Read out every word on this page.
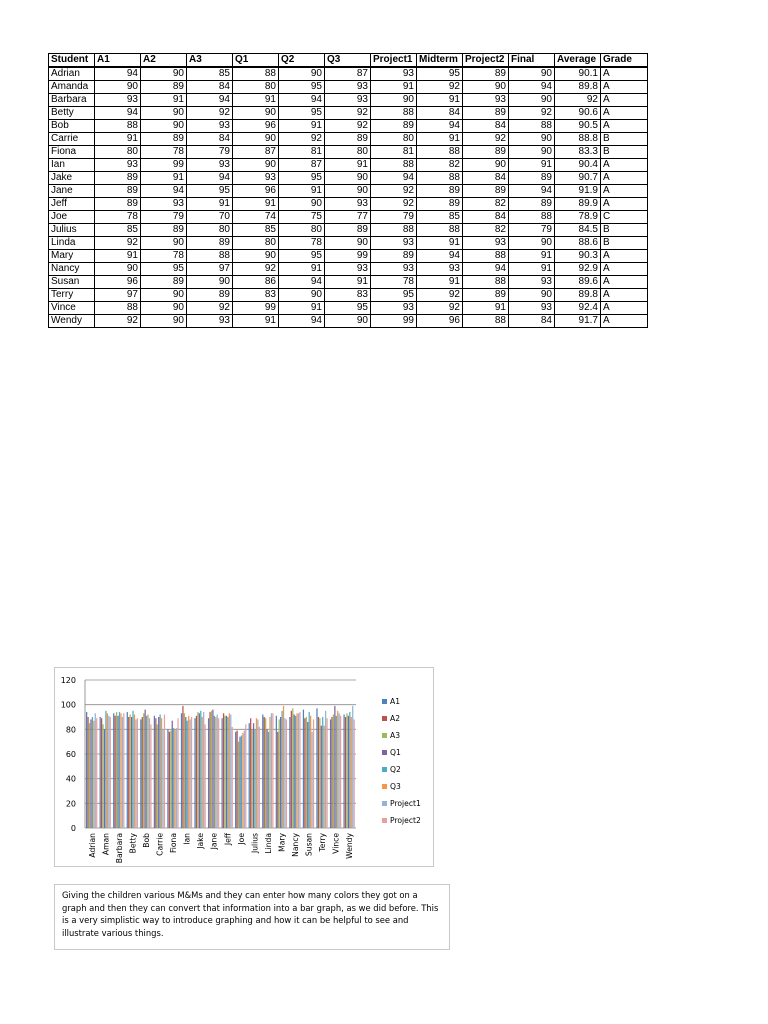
Student	A1	A2	A3	Q1	Q2	Q3	Project1	Midterm	Project2	Final	Average	Grade
Adrian	94	90	85	88	90	87	93	95	89	90	90.1	A
Amanda	90	89	84	80	95	93	91	92	90	94	89.8	A
Barbara	93	91	94	91	94	93	90	91	93	90	92	A
Betty	94	90	92	90	95	92	88	84	89	92	90.6	A
Bob	88	90	93	96	91	92	89	94	84	88	90.5	A
Carrie	91	89	84	90	92	89	80	91	92	90	88.8	B
Fiona	80	78	79	87	81	80	81	88	89	90	83.3	B
Ian	93	99	93	90	87	91	88	82	90	91	90.4	A
Jake	89	91	94	93	95	90	94	88	84	89	90.7	A
Jane	89	94	95	96	91	90	92	89	89	94	91.9	A
Jeff	89	93	91	91	90	93	92	89	82	89	89.9	A
Joe	78	79	70	74	75	77	79	85	84	88	78.9	C
Julius	85	89	80	85	80	89	88	88	82	79	84.5	B
Linda	92	90	89	80	78	90	93	91	93	90	88.6	B
Mary	91	78	88	90	95	99	89	94	88	91	90.3	A
Nancy	90	95	97	92	91	93	93	93	94	91	92.9	A
Susan	96	89	90	86	94	91	78	91	88	93	89.6	A
Terry	97	90	89	83	90	83	95	92	89	90	89.8	A
Vince	88	90	92	99	91	95	93	92	91	93	92.4	A
Wendy	92	90	93	91	94	90	99	96	88	84	91.7	A
0
20
40
60
80
100
120
Adrian Aman Barbara Betty Bob Carrie Fiona Ian Jake Jane Jeff Joe Julius Linda Mary Nancy Susan Terry Vince Wendy
A1
A2
A3
Q1
Q2
Q3
Project1
Project2
Giving the children various M&Ms and they can enter how many colors they got on a graph and then they can convert that information into a bar graph, as we did before. This is a very simplistic way to introduce graphing and how it can be helpful to see and illustrate various things.
